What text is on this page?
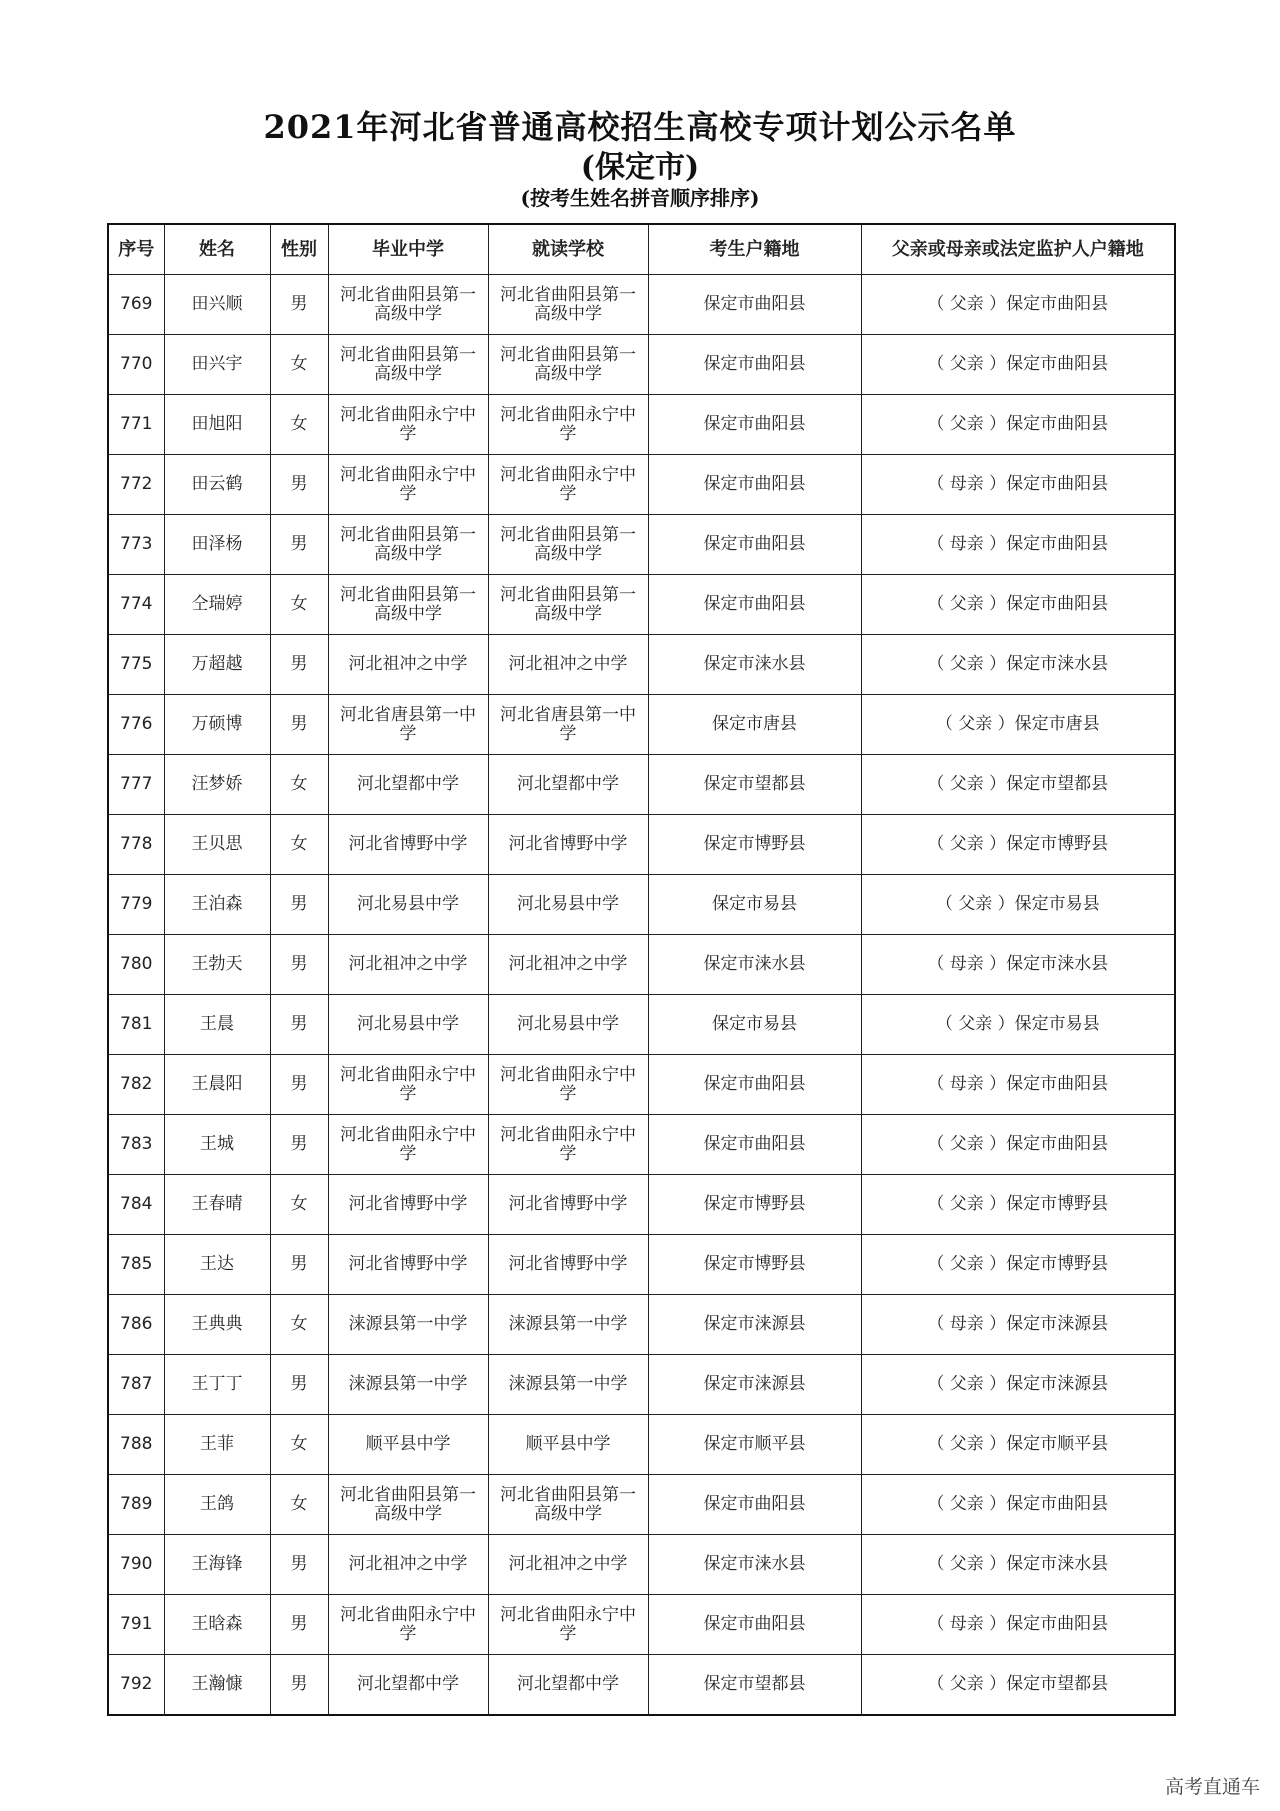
2021年河北省普通高校招生高校专项计划公示名单
(保定市)
(按考生姓名拼音顺序排序)
序号	姓名	性别	毕业中学	就读学校	考生户籍地	父亲或母亲或法定监护人户籍地
769	田兴顺	男	河北省曲阳县第一高级中学	河北省曲阳县第一高级中学	保定市曲阳县	（ 父亲 ）保定市曲阳县
770	田兴宇	女	河北省曲阳县第一高级中学	河北省曲阳县第一高级中学	保定市曲阳县	（ 父亲 ）保定市曲阳县
771	田旭阳	女	河北省曲阳永宁中学	河北省曲阳永宁中学	保定市曲阳县	（ 父亲 ）保定市曲阳县
772	田云鹤	男	河北省曲阳永宁中学	河北省曲阳永宁中学	保定市曲阳县	（ 母亲 ）保定市曲阳县
773	田泽杨	男	河北省曲阳县第一高级中学	河北省曲阳县第一高级中学	保定市曲阳县	（ 母亲 ）保定市曲阳县
774	仝瑞婷	女	河北省曲阳县第一高级中学	河北省曲阳县第一高级中学	保定市曲阳县	（ 父亲 ）保定市曲阳县
775	万超越	男	河北祖冲之中学	河北祖冲之中学	保定市涞水县	（ 父亲 ）保定市涞水县
776	万硕博	男	河北省唐县第一中学	河北省唐县第一中学	保定市唐县	（ 父亲 ）保定市唐县
777	汪梦娇	女	河北望都中学	河北望都中学	保定市望都县	（ 父亲 ）保定市望都县
778	王贝思	女	河北省博野中学	河北省博野中学	保定市博野县	（ 父亲 ）保定市博野县
779	王泊森	男	河北易县中学	河北易县中学	保定市易县	（ 父亲 ）保定市易县
780	王勃天	男	河北祖冲之中学	河北祖冲之中学	保定市涞水县	（ 母亲 ）保定市涞水县
781	王晨	男	河北易县中学	河北易县中学	保定市易县	（ 父亲 ）保定市易县
782	王晨阳	男	河北省曲阳永宁中学	河北省曲阳永宁中学	保定市曲阳县	（ 母亲 ）保定市曲阳县
783	王城	男	河北省曲阳永宁中学	河北省曲阳永宁中学	保定市曲阳县	（ 父亲 ）保定市曲阳县
784	王春晴	女	河北省博野中学	河北省博野中学	保定市博野县	（ 父亲 ）保定市博野县
785	王达	男	河北省博野中学	河北省博野中学	保定市博野县	（ 父亲 ）保定市博野县
786	王典典	女	涞源县第一中学	涞源县第一中学	保定市涞源县	（ 母亲 ）保定市涞源县
787	王丁丁	男	涞源县第一中学	涞源县第一中学	保定市涞源县	（ 父亲 ）保定市涞源县
788	王菲	女	顺平县中学	顺平县中学	保定市顺平县	（ 父亲 ）保定市顺平县
789	王鸽	女	河北省曲阳县第一高级中学	河北省曲阳县第一高级中学	保定市曲阳县	（ 父亲 ）保定市曲阳县
790	王海锋	男	河北祖冲之中学	河北祖冲之中学	保定市涞水县	（ 父亲 ）保定市涞水县
791	王晗森	男	河北省曲阳永宁中学	河北省曲阳永宁中学	保定市曲阳县	（ 母亲 ）保定市曲阳县
792	王瀚慷	男	河北望都中学	河北望都中学	保定市望都县	（ 父亲 ）保定市望都县
高考直通车
